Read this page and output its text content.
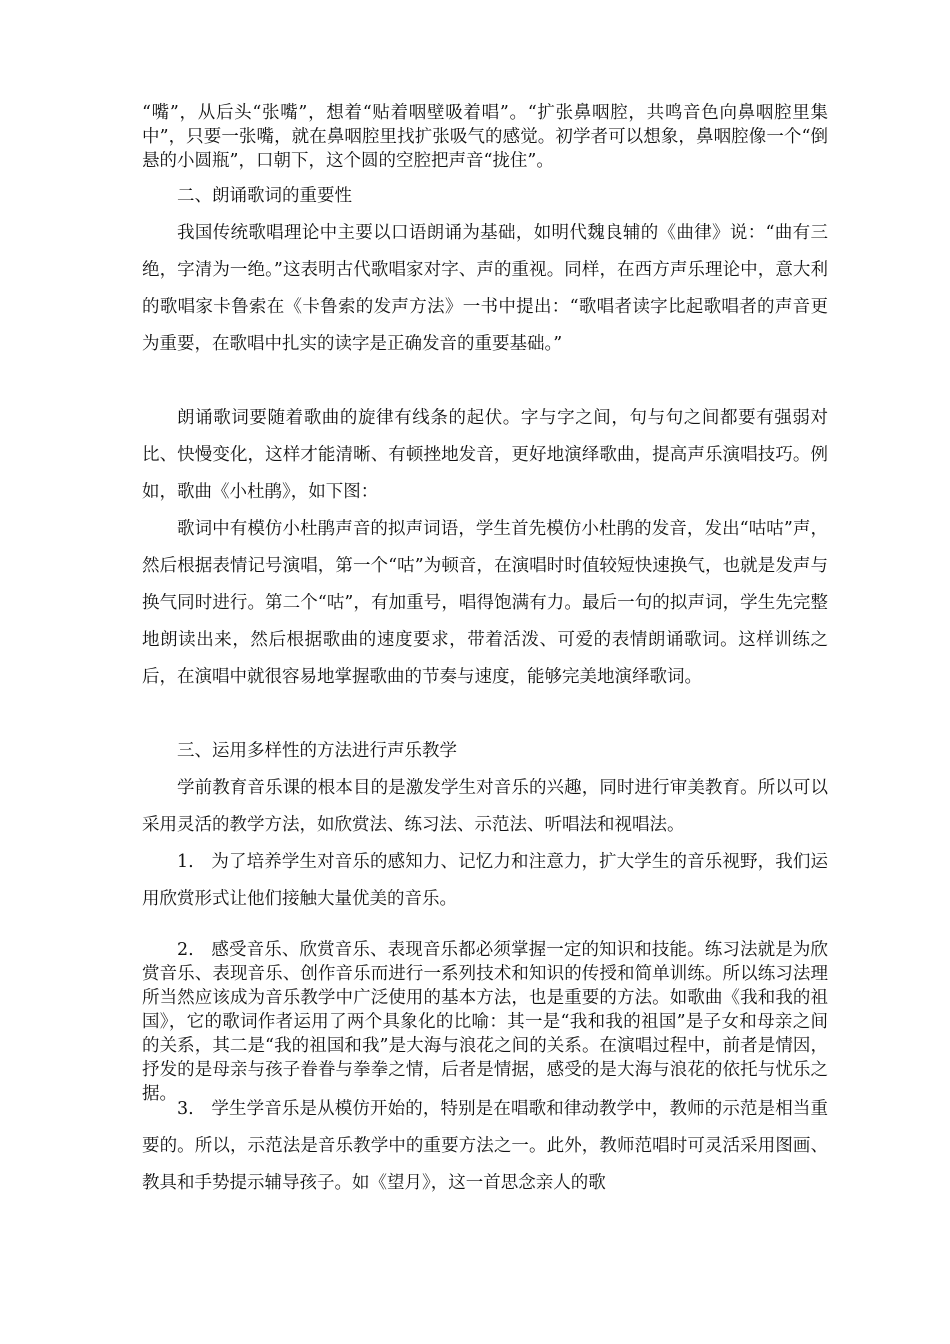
“嘴”，从后头“张嘴”，想着“贴着咽壁吸着唱”。“扩张鼻咽腔，共鸣音色向鼻咽腔里集中”，只要一张嘴，就在鼻咽腔里找扩张吸气的感觉。初学者可以想象，鼻咽腔像一个“倒悬的小圆瓶”，口朝下，这个圆的空腔把声音“拢住”。

二、朗诵歌词的重要性

我国传统歌唱理论中主要以口语朗诵为基础，如明代魏良辅的《曲律》说：“曲有三绝，字清为一绝。”这表明古代歌唱家对字、声的重视。同样，在西方声乐理论中，意大利的歌唱家卡鲁索在《卡鲁索的发声方法》一书中提出：“歌唱者读字比起歌唱者的声音更为重要，在歌唱中扎实的读字是正确发音的重要基础。”

朗诵歌词要随着歌曲的旋律有线条的起伏。字与字之间，句与句之间都要有强弱对比、快慢变化，这样才能清晰、有顿挫地发音，更好地演绎歌曲，提高声乐演唱技巧。例如，歌曲《小杜鹃》，如下图：

歌词中有模仿小杜鹃声音的拟声词语，学生首先模仿小杜鹃的发音，发出“咕咕”声，然后根据表情记号演唱，第一个“咕”为顿音，在演唱时时值较短快速换气，也就是发声与换气同时进行。第二个“咕”，有加重号，唱得饱满有力。最后一句的拟声词，学生先完整地朗读出来，然后根据歌曲的速度要求，带着活泼、可爱的表情朗诵歌词。这样训练之后，在演唱中就很容易地掌握歌曲的节奏与速度，能够完美地演绎歌词。

三、运用多样性的方法进行声乐教学

学前教育音乐课的根本目的是激发学生对音乐的兴趣，同时进行审美教育。所以可以采用灵活的教学方法，如欣赏法、练习法、示范法、听唱法和视唱法。

1.　为了培养学生对音乐的感知力、记忆力和注意力，扩大学生的音乐视野，我们运用欣赏形式让他们接触大量优美的音乐。

2.　感受音乐、欣赏音乐、表现音乐都必须掌握一定的知识和技能。练习法就是为欣赏音乐、表现音乐、创作音乐而进行一系列技术和知识的传授和简单训练。所以练习法理所当然应该成为音乐教学中广泛使用的基本方法，也是重要的方法。如歌曲《我和我的祖国》，它的歌词作者运用了两个具象化的比喻：其一是“我和我的祖国”是子女和母亲之间的关系，其二是“我的祖国和我”是大海与浪花之间的关系。在演唱过程中，前者是情因，抒发的是母亲与孩子眷眷与拳拳之情，后者是情据，感受的是大海与浪花的依托与忧乐之据。

3.　学生学音乐是从模仿开始的，特别是在唱歌和律动教学中，教师的示范是相当重要的。所以，示范法是音乐教学中的重要方法之一。此外，教师范唱时可灵活采用图画、教具和手势提示辅导孩子。如《望月》，这一首思念亲人的歌
